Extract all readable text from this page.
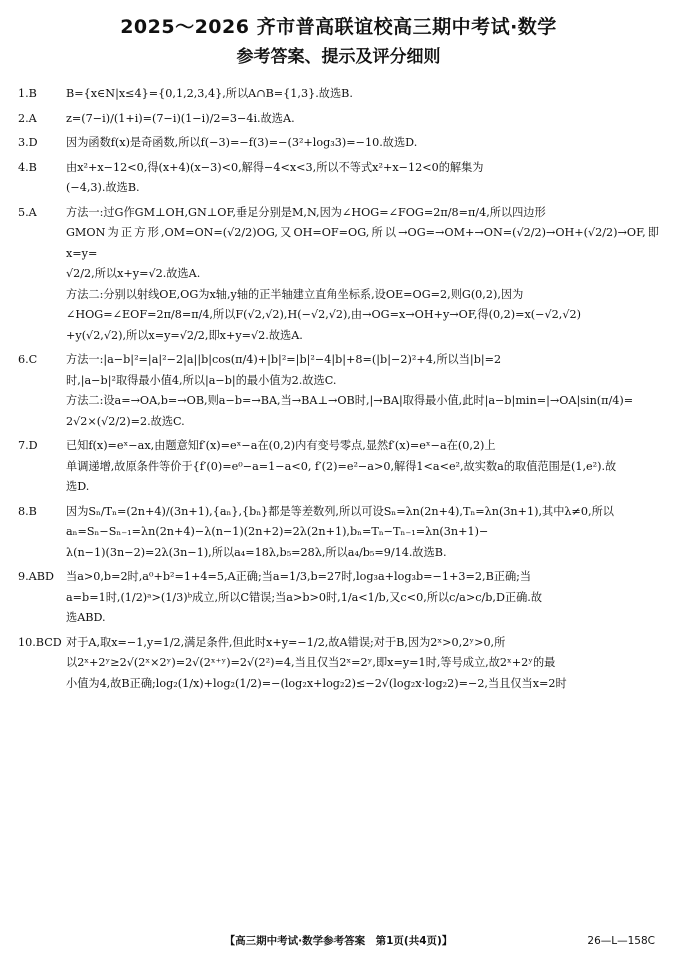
2025～2026 齐市普高联谊校高三期中考试·数学
参考答案、提示及评分细则
1.B	B={x∈N|x≤4}={0,1,2,3,4},所以A∩B={1,3}.故选B.
2.A	z=(7−i)/(1+i)=(7−i)(1−i)/2=3−4i.故选A.
3.D	因为函数f(x)是奇函数,所以f(−3)=−f(3)=−(3²+log₃3)=−10.故选D.
4.B	由x²+x−12<0,得(x+4)(x−3)<0,解得−4<x<3,所以不等式x²+x−12<0的解集为
(−4,3).故选B.
5.A	方法一:过G作GM⊥OH,GN⊥OF,垂足分别是M,N,因为∠HOG=∠FOG=2π/8=π/4,所以四边形
GMON为正方形,OM=ON=(√2/2)OG,又OH=OF=OG,所以→OG=→OM+→ON=(√2/2)→OH+(√2/2)→OF,即x=y=
√2/2,所以x+y=√2.故选A.
方法二:分别以射线OE,OG为x轴,y轴的正半轴建立直角坐标系,设OE=OG=2,则G(0,2),因为
∠HOG=∠EOF=2π/8=π/4,所以F(√2,√2),H(−√2,√2),由→OG=x→OH+y→OF,得(0,2)=x(−√2,√2)
+y(√2,√2),所以x=y=√2/2,即x+y=√2.故选A.
6.C	方法一:|a−b|²=|a|²−2|a||b|cos(π/4)+|b|²=|b|²−4|b|+8=(|b|−2)²+4,所以当|b|=2
时,|a−b|²取得最小值4,所以|a−b|的最小值为2.故选C.
方法二:设a=→OA,b=→OB,则a−b=→BA,当→BA⊥→OB时,|→BA|取得最小值,此时|a−b|min=|→OA|sin(π/4)=
2√2×(√2/2)=2.故选C.
7.D	已知f(x)=eˣ−ax,由题意知f′(x)=eˣ−a在(0,2)内有变号零点,显然f′(x)=eˣ−a在(0,2)上
单调递增,故原条件等价于{f′(0)=e⁰−a=1−a<0, f′(2)=e²−a>0,解得1<a<e²,故实数a的取值范围是(1,e²).故
选D.
8.B	因为Sₙ/Tₙ=(2n+4)/(3n+1),{aₙ},{bₙ}都是等差数列,所以可设Sₙ=λn(2n+4),Tₙ=λn(3n+1),其中λ≠0,所以
aₙ=Sₙ−Sₙ₋₁=λn(2n+4)−λ(n−1)(2n+2)=2λ(2n+1),bₙ=Tₙ−Tₙ₋₁=λn(3n+1)−
λ(n−1)(3n−2)=2λ(3n−1),所以a₄=18λ,b₅=28λ,所以a₄/b₅=9/14.故选B.
9.ABD	当a>0,b=2时,a⁰+b²=1+4=5,A正确;当a=1/3,b=27时,log₃a+log₃b=−1+3=2,B正确;当
a=b=1时,(1/2)ᵃ>(1/3)ᵇ成立,所以C错误;当a>b>0时,1/a<1/b,又c<0,所以c/a>c/b,D正确.故
选ABD.
10.BCD 对于A,取x=−1,y=1/2,满足条件,但此时x+y=−1/2,故A错误;对于B,因为2ˣ>0,2ʸ>0,所
以2ˣ+2ʸ≥2√(2ˣ×2ʸ)=2√(2ˣ⁺ʸ)=2√(2²)=4,当且仅当2ˣ=2ʸ,即x=y=1时,等号成立,故2ˣ+2ʸ的最
小值为4,故B正确;log₂(1/x)+log₂(1/2)=−(log₂x+log₂2)≤−2√(log₂x·log₂2)=−2,当且仅当x=2时
【高三期中考试·数学参考答案　第1页(共4页)】	26—L—158C
